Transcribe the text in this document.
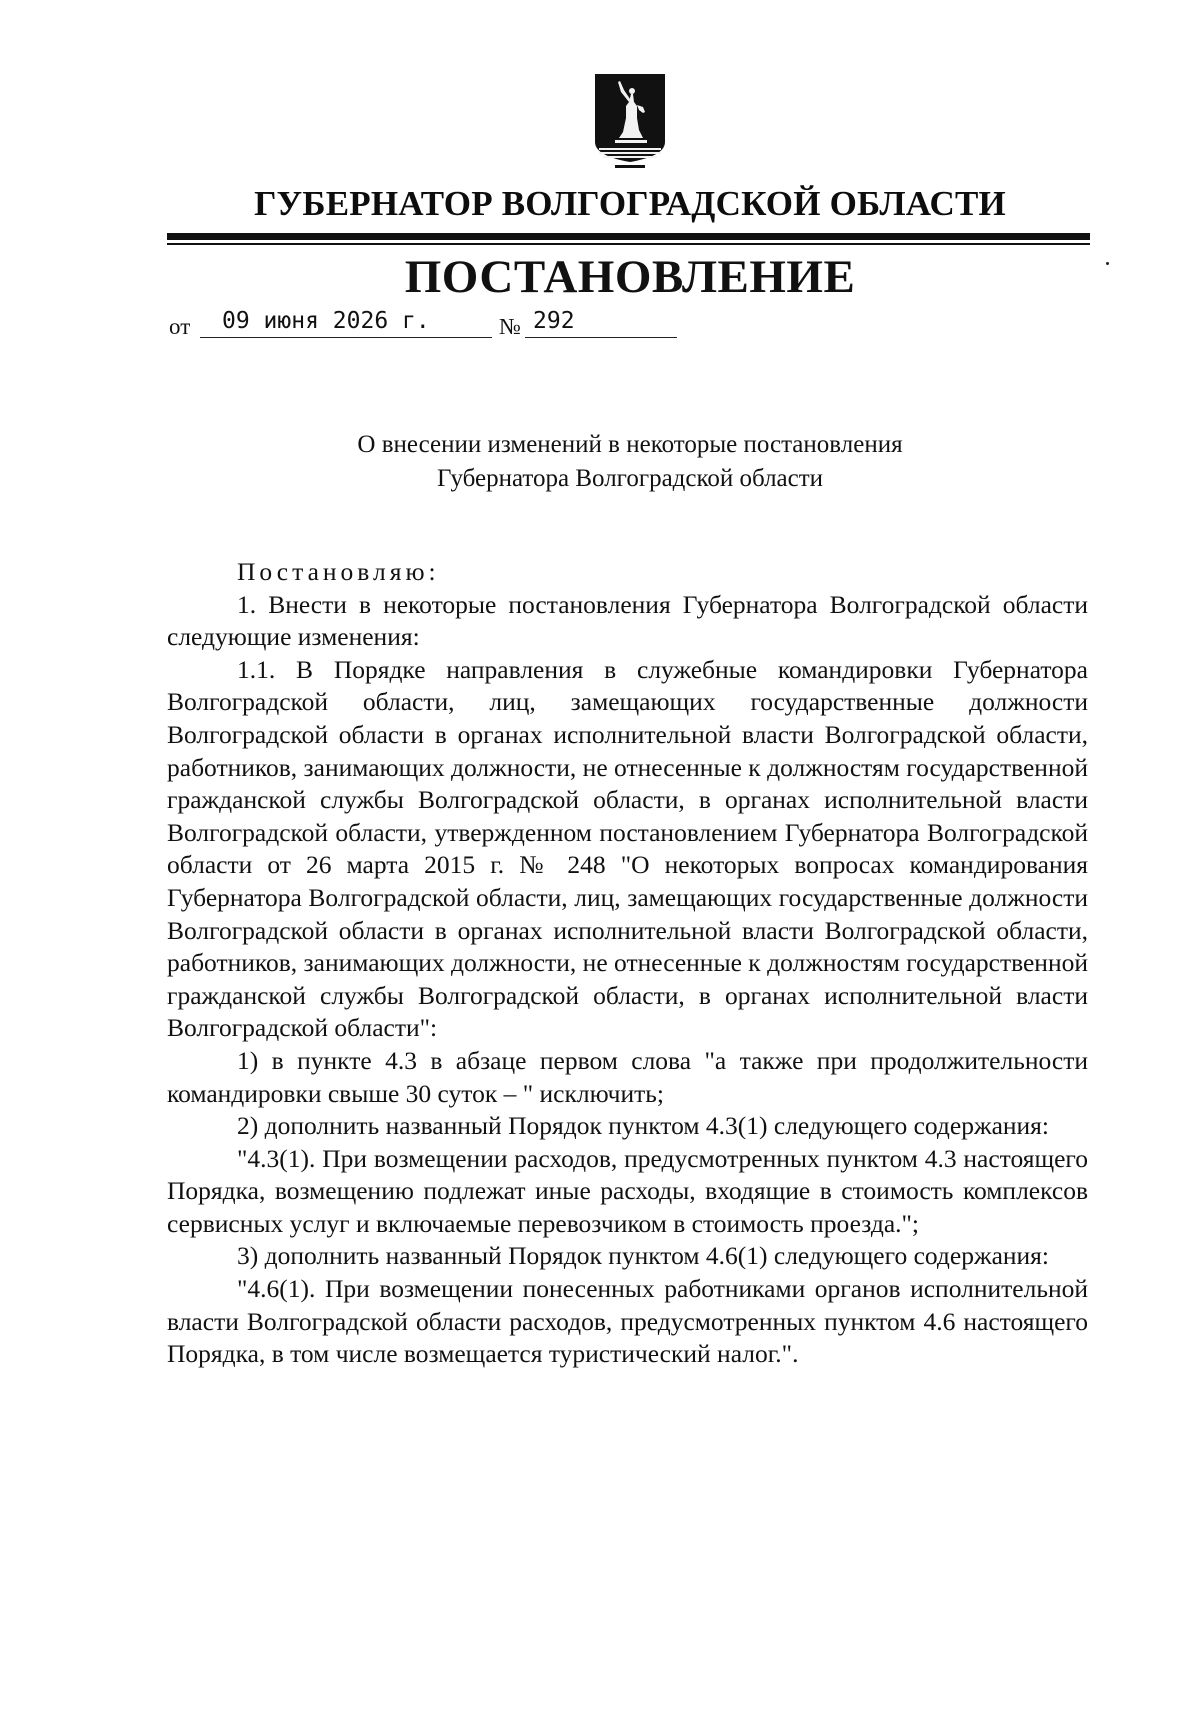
ГУБЕРНАТОР ВОЛГОГРАДСКОЙ ОБЛАСТИ
ПОСТАНОВЛЕНИЕ
от	09 июня 2026 г.	№ 292
О внесении изменений в некоторые постановления
Губернатора Волгоградской области

Постановляю:

1. Внести в некоторые постановления Губернатора Волгоградской области следующие изменения:

1.1. В Порядке направления в служебные командировки Губернатора Волгоградской области, лиц, замещающих государственные должности Волгоградской области в органах исполнительной власти Волгоградской области, работников, занимающих должности, не отнесенные к должностям государственной гражданской службы Волгоградской области, в органах исполнительной власти Волгоградской области, утвержденном постановлением Губернатора Волгоградской области от 26 марта 2015 г. № 248 "О некоторых вопросах командирования Губернатора Волгоградской области, лиц, замещающих государственные должности Волгоградской области в органах исполнительной власти Волгоградской области, работников, занимающих должности, не отнесенные к должностям государственной гражданской службы Волгоградской области, в органах исполнительной власти Волгоградской области":

1) в пункте 4.3 в абзаце первом слова "а также при продолжительности командировки свыше 30 суток – " исключить;

2) дополнить названный Порядок пунктом 4.3(1) следующего содержания:

"4.3(1). При возмещении расходов, предусмотренных пунктом 4.3 настоящего Порядка, возмещению подлежат иные расходы, входящие в стоимость комплексов сервисных услуг и включаемые перевозчиком в стоимость проезда.";

3) дополнить названный Порядок пунктом 4.6(1) следующего содержания:

"4.6(1). При возмещении понесенных работниками органов исполнительной власти Волгоградской области расходов, предусмотренных пунктом 4.6 настоящего Порядка, в том числе возмещается туристический налог.".
